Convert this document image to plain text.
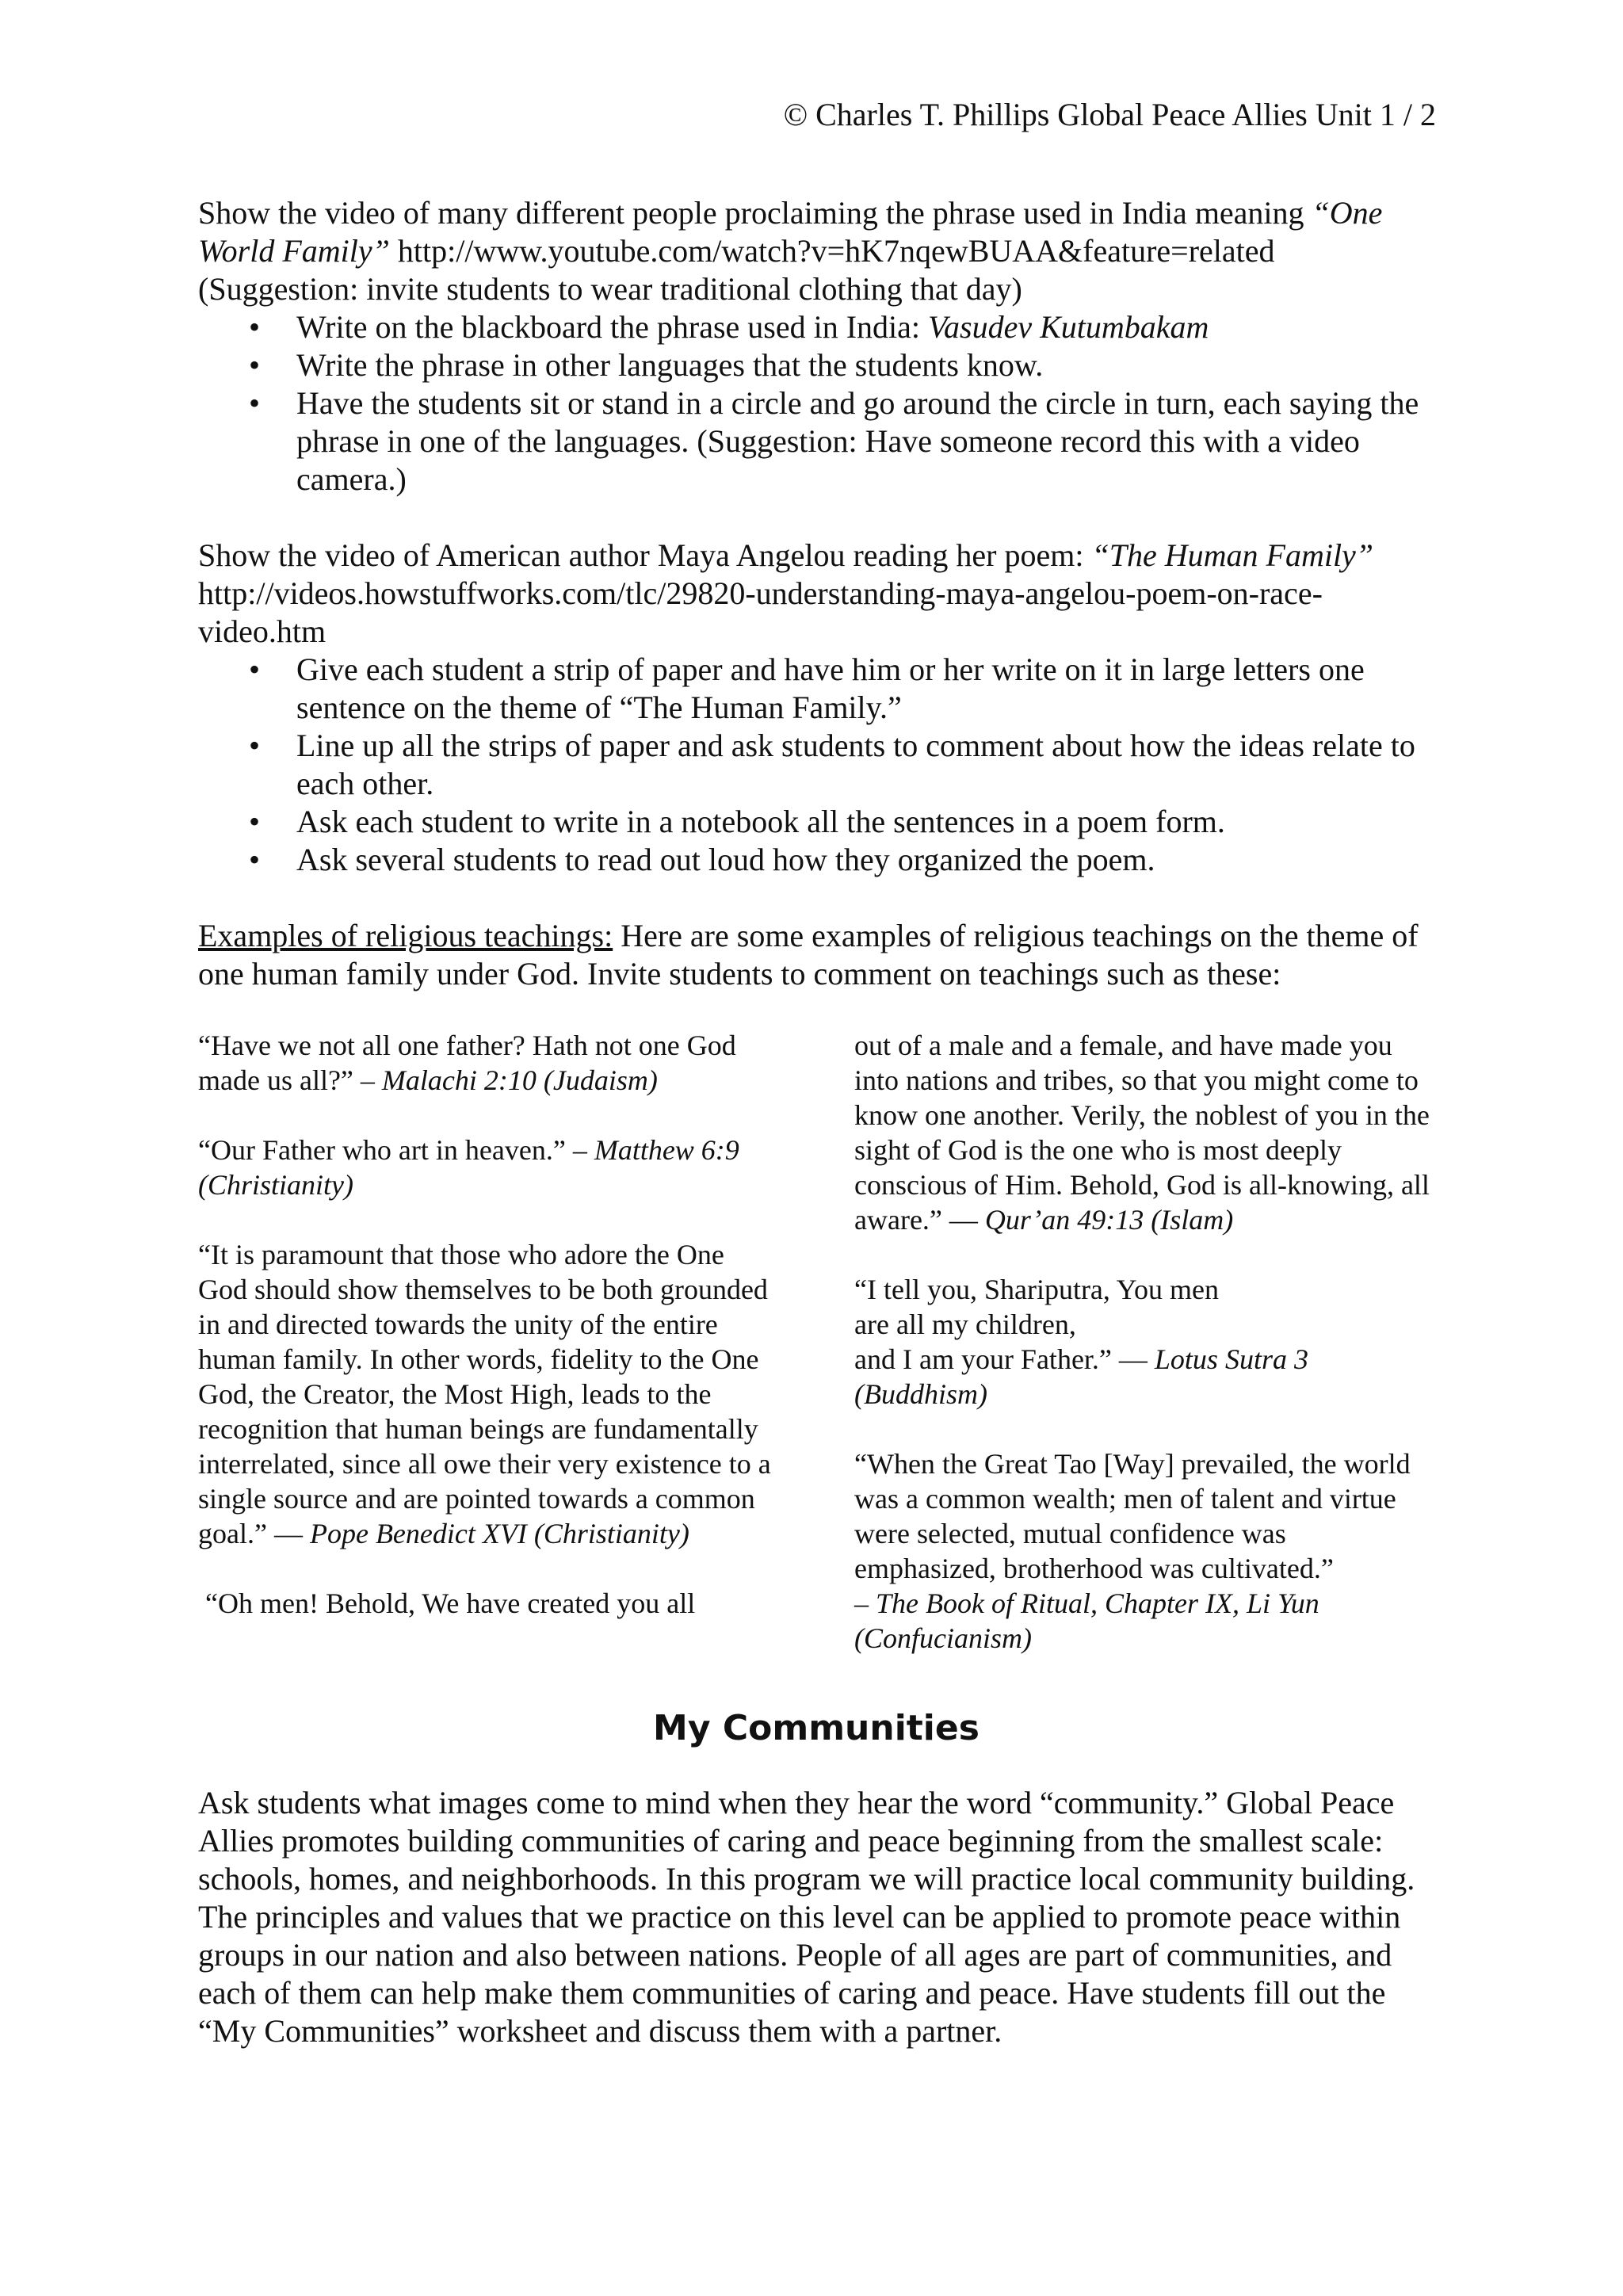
© Charles T. Phillips Global Peace Allies Unit 1 / 2

Show the video of many different people proclaiming the phrase used in India meaning “One World Family” http://www.youtube.com/watch?v=hK7nqewBUAA&feature=related
(Suggestion: invite students to wear traditional clothing that day)

• Write on the blackboard the phrase used in India: Vasudev Kutumbakam
• Write the phrase in other languages that the students know.
• Have the students sit or stand in a circle and go around the circle in turn, each saying the phrase in one of the languages. (Suggestion: Have someone record this with a video camera.)

Show the video of American author Maya Angelou reading her poem: “The Human Family”
http://videos.howstuffworks.com/tlc/29820-understanding-maya-angelou-poem-on-race-video.htm

• Give each student a strip of paper and have him or her write on it in large letters one sentence on the theme of “The Human Family.”
• Line up all the strips of paper and ask students to comment about how the ideas relate to each other.
• Ask each student to write in a notebook all the sentences in a poem form.
• Ask several students to read out loud how they organized the poem.

Examples of religious teachings: Here are some examples of religious teachings on the theme of one human family under God. Invite students to comment on teachings such as these:

“Have we not all one father? Hath not one God made us all?” – Malachi 2:10 (Judaism)

“Our Father who art in heaven.” – Matthew 6:9 (Christianity)

“It is paramount that those who adore the One God should show themselves to be both grounded in and directed towards the unity of the entire human family. In other words, fidelity to the One God, the Creator, the Most High, leads to the recognition that human beings are fundamentally interrelated, since all owe their very existence to a single source and are pointed towards a common goal.” — Pope Benedict XVI (Christianity)

“Oh men! Behold, We have created you all

out of a male and a female, and have made you into nations and tribes, so that you might come to know one another. Verily, the noblest of you in the sight of God is the one who is most deeply conscious of Him. Behold, God is all-knowing, all aware.” — Qur’an 49:13 (Islam)

“I tell you, Shariputra, You men
are all my children,
and I am your Father.” — Lotus Sutra 3 (Buddhism)

“When the Great Tao [Way] prevailed, the world was a common wealth; men of talent and virtue were selected, mutual confidence was emphasized, brotherhood was cultivated.”
– The Book of Ritual, Chapter IX, Li Yun (Confucianism)

My Communities

Ask students what images come to mind when they hear the word “community.” Global Peace Allies promotes building communities of caring and peace beginning from the smallest scale: schools, homes, and neighborhoods. In this program we will practice local community building. The principles and values that we practice on this level can be applied to promote peace within groups in our nation and also between nations. People of all ages are part of communities, and each of them can help make them communities of caring and peace. Have students fill out the “My Communities” worksheet and discuss them with a partner.
